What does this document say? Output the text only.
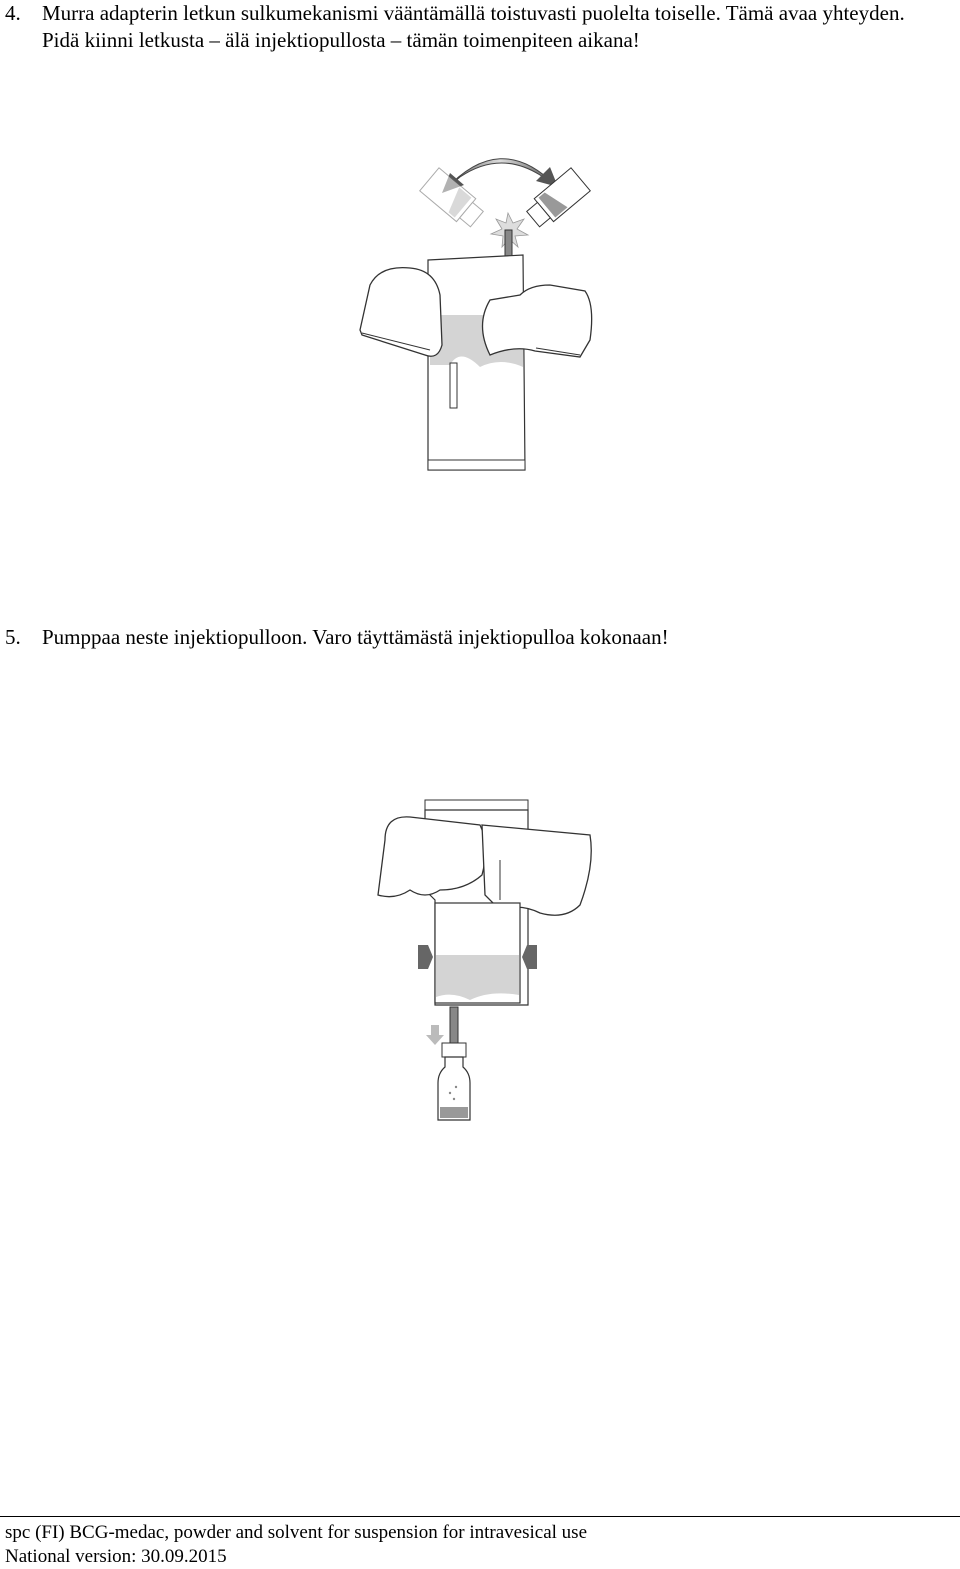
4. Murra adapterin letkun sulkumekanismi vääntämällä toistuvasti puolelta toiselle. Tämä avaa yhteyden. Pidä kiinni letkusta – älä injektiopullosta – tämän toimenpiteen aikana!
5. Pumppaa neste injektiopulloon. Varo täyttämästä injektiopulloa kokonaan!
spc (FI) BCG-medac, powder and solvent for suspension for intravesical use
National version: 30.09.2015
